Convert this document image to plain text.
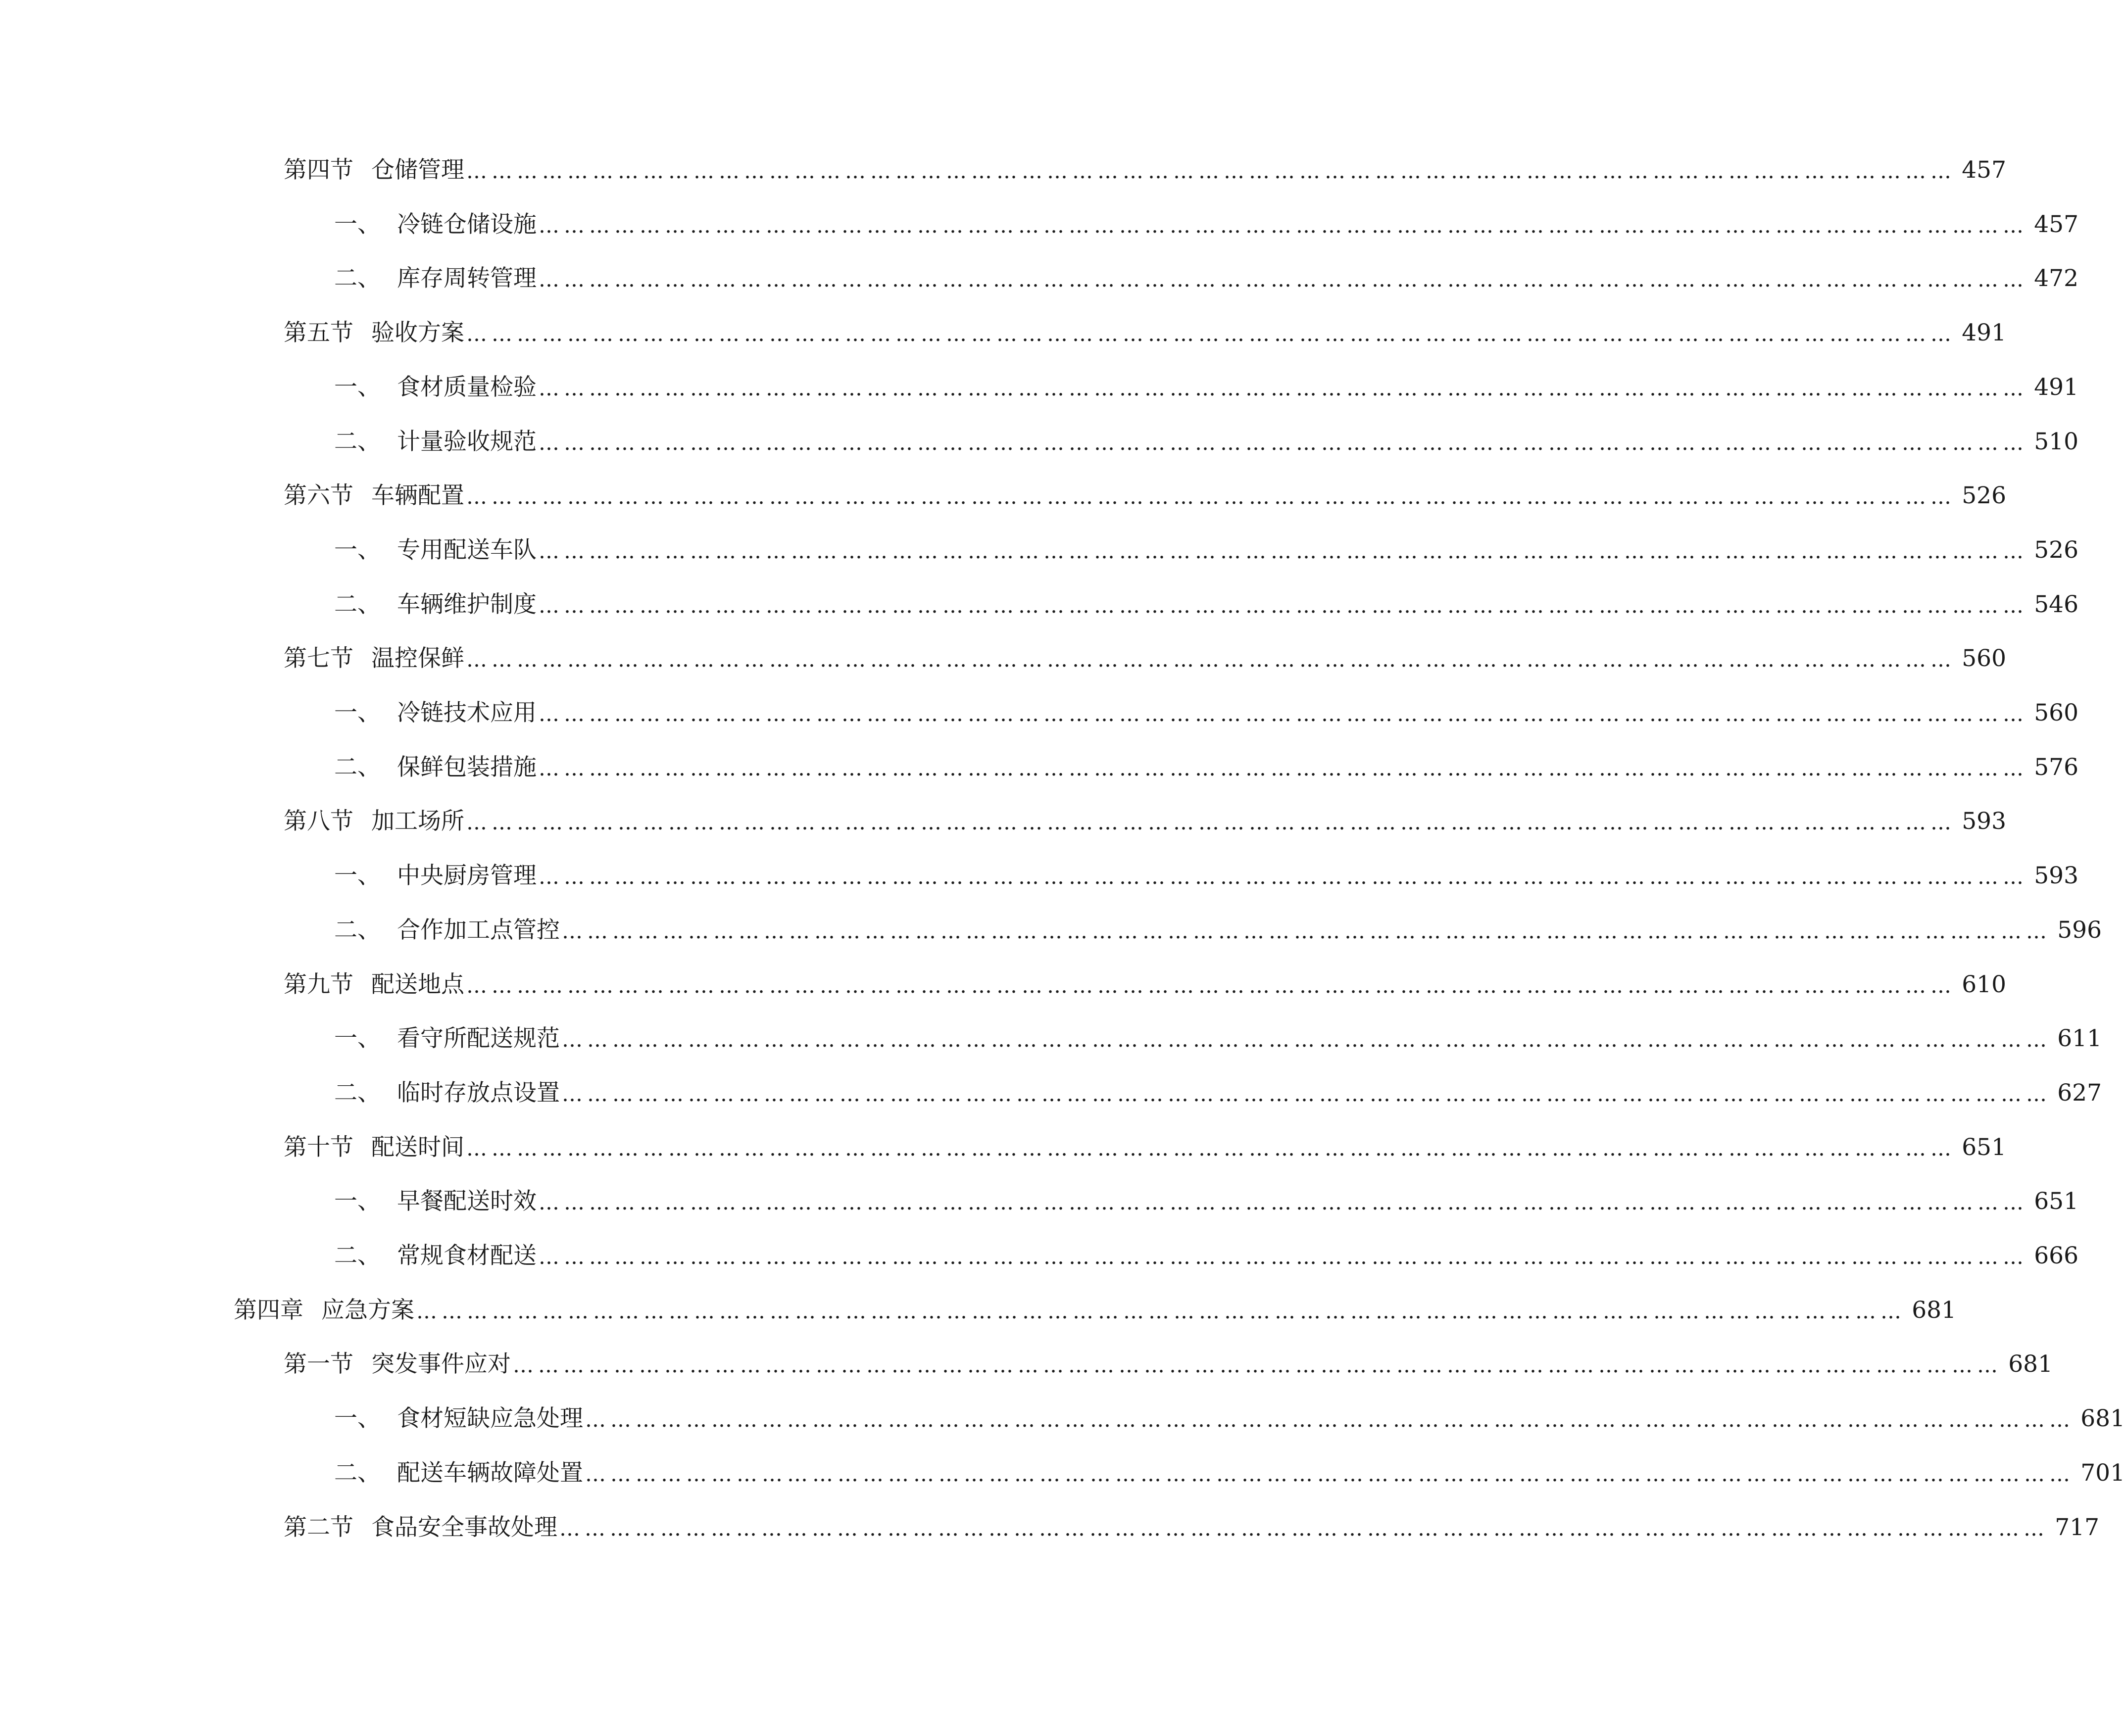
第四节 仓储管理 …………………………………………………………………………………………………………………………………………………………… 457
一、 冷链仓储设施 …………………………………………………………………………………………………………………………………………………………… 457
二、 库存周转管理 …………………………………………………………………………………………………………………………………………………………… 472
第五节 验收方案 …………………………………………………………………………………………………………………………………………………………… 491
一、 食材质量检验 …………………………………………………………………………………………………………………………………………………………… 491
二、 计量验收规范 …………………………………………………………………………………………………………………………………………………………… 510
第六节 车辆配置 …………………………………………………………………………………………………………………………………………………………… 526
一、 专用配送车队 …………………………………………………………………………………………………………………………………………………………… 526
二、 车辆维护制度 …………………………………………………………………………………………………………………………………………………………… 546
第七节 温控保鲜 …………………………………………………………………………………………………………………………………………………………… 560
一、 冷链技术应用 …………………………………………………………………………………………………………………………………………………………… 560
二、 保鲜包装措施 …………………………………………………………………………………………………………………………………………………………… 576
第八节 加工场所 …………………………………………………………………………………………………………………………………………………………… 593
一、 中央厨房管理 …………………………………………………………………………………………………………………………………………………………… 593
二、 合作加工点管控 …………………………………………………………………………………………………………………………………………………………… 596
第九节 配送地点 …………………………………………………………………………………………………………………………………………………………… 610
一、 看守所配送规范 …………………………………………………………………………………………………………………………………………………………… 611
二、 临时存放点设置 …………………………………………………………………………………………………………………………………………………………… 627
第十节 配送时间 …………………………………………………………………………………………………………………………………………………………… 651
一、 早餐配送时效 …………………………………………………………………………………………………………………………………………………………… 651
二、 常规食材配送 …………………………………………………………………………………………………………………………………………………………… 666
第四章 应急方案 …………………………………………………………………………………………………………………………………………………………… 681
第一节 突发事件应对 …………………………………………………………………………………………………………………………………………………………… 681
一、 食材短缺应急处理 …………………………………………………………………………………………………………………………………………………………… 681
二、 配送车辆故障处置 …………………………………………………………………………………………………………………………………………………………… 701
第二节 食品安全事故处理 …………………………………………………………………………………………………………………………………………………………… 717
